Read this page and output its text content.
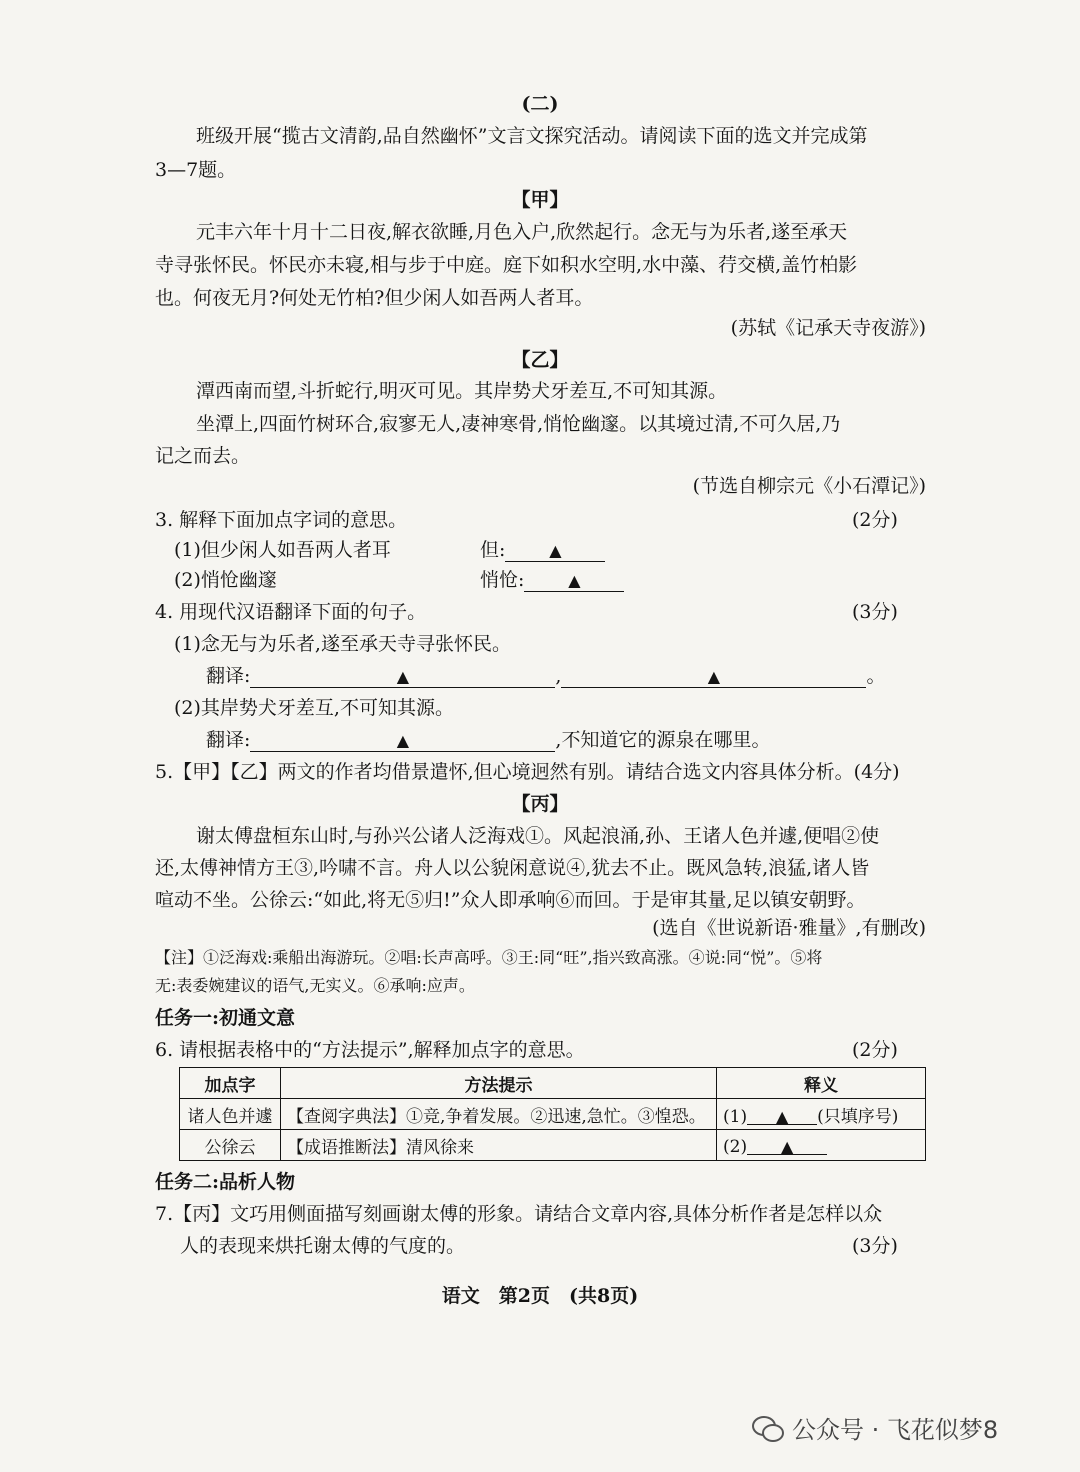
(二)
班级开展“揽古文清韵,品自然幽怀”文言文探究活动。请阅读下面的选文并完成第
3—7题。
【甲】
元丰六年十月十二日夜,解衣欲睡,月色入户,欣然起行。念无与为乐者,遂至承天
寺寻张怀民。怀民亦未寝,相与步于中庭。庭下如积水空明,水中藻、荇交横,盖竹柏影
也。何夜无月?何处无竹柏?但少闲人如吾两人者耳。
(苏轼《记承天寺夜游》)
【乙】
潭西南而望,斗折蛇行,明灭可见。其岸势犬牙差互,不可知其源。
坐潭上,四面竹树环合,寂寥无人,凄神寒骨,悄怆幽邃。以其境过清,不可久居,乃
记之而去。
(节选自柳宗元《小石潭记》)
3. 解释下面加点字词的意思。	(2分)
(1)但少闲人如吾两人者耳	但:	▲
(2)悄怆幽邃	悄怆:	▲
4. 用现代汉语翻译下面的句子。	(3分)
(1)念无与为乐者,遂至承天寺寻张怀民。
翻译:	▲	,	▲	。
(2)其岸势犬牙差互,不可知其源。
翻译:	▲	,不知道它的源泉在哪里。
5.【甲】【乙】两文的作者均借景遣怀,但心境迥然有别。请结合选文内容具体分析。(4分)
【丙】
谢太傅盘桓东山时,与孙兴公诸人泛海戏①。风起浪涌,孙、王诸人色并遽,便唱②使
还,太傅神情方王③,吟啸不言。舟人以公貌闲意说④,犹去不止。既风急转,浪猛,诸人皆
喧动不坐。公徐云:“如此,将无⑤归!”众人即承响⑥而回。于是审其量,足以镇安朝野。
(选自《世说新语·雅量》,有删改)
【注】①泛海戏:乘船出海游玩。②唱:长声高呼。③王:同“旺”,指兴致高涨。④说:同“悦”。⑤将
无:表委婉建议的语气,无实义。⑥承响:应声。
任务一:初通文意
6. 请根据表格中的“方法提示”,解释加点字的意思。	(2分)
加点字	方法提示	释义
诸人色并遽	【查阅字典法】①竞,争着发展。②迅速,急忙。③惶恐。	(1) ▲ (只填序号)
公徐云	【成语推断法】清风徐来	(2) ▲
任务二:品析人物
7.【丙】文巧用侧面描写刻画谢太傅的形象。请结合文章内容,具体分析作者是怎样以众
人的表现来烘托谢太傅的气度的。	(3分)
语文　第2页　(共8页)
公众号 · 飞花似梦8
